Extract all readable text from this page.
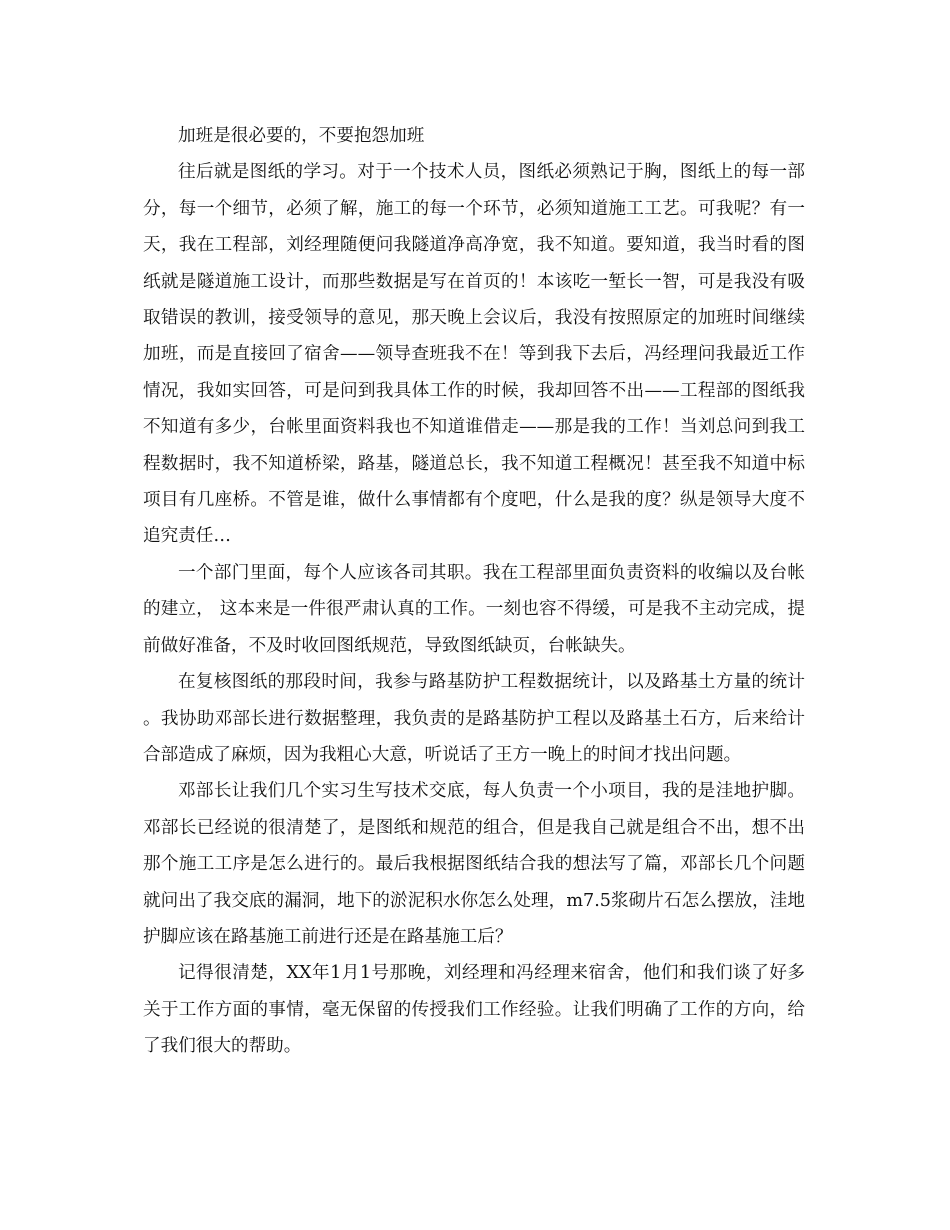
加班是很必要的，不要抱怨加班

往后就是图纸的学习。对于一个技术人员，图纸必须熟记于胸，图纸上的每一部分，每一个细节，必须了解，施工的每一个环节，必须知道施工工艺。可我呢？有一天，我在工程部，刘经理随便问我隧道净高净宽，我不知道。要知道，我当时看的图纸就是隧道施工设计，而那些数据是写在首页的！本该吃一堑长一智，可是我没有吸取错误的教训，接受领导的意见，那天晚上会议后，我没有按照原定的加班时间继续加班，而是直接回了宿舍——领导查班我不在！等到我下去后，冯经理问我最近工作情况，我如实回答，可是问到我具体工作的时候，我却回答不出——工程部的图纸我不知道有多少，台帐里面资料我也不知道谁借走——那是我的工作！当刘总问到我工程数据时，我不知道桥梁，路基，隧道总长，我不知道工程概况！甚至我不知道中标项目有几座桥。不管是谁，做什么事情都有个度吧，什么是我的度？纵是领导大度不追究责任…

一个部门里面，每个人应该各司其职。我在工程部里面负责资料的收编以及台帐的建立， 这本来是一件很严肃认真的工作。一刻也容不得缓，可是我不主动完成，提前做好准备，不及时收回图纸规范，导致图纸缺页，台帐缺失。

在复核图纸的那段时间，我参与路基防护工程数据统计，以及路基土方量的统计。我协助邓部长进行数据整理，我负责的是路基防护工程以及路基土石方，后来给计合部造成了麻烦，因为我粗心大意，听说话了王方一晚上的时间才找出问题。

邓部长让我们几个实习生写技术交底，每人负责一个小项目，我的是洼地护脚。邓部长已经说的很清楚了，是图纸和规范的组合，但是我自己就是组合不出，想不出那个施工工序是怎么进行的。最后我根据图纸结合我的想法写了篇，邓部长几个问题就问出了我交底的漏洞，地下的淤泥积水你怎么处理，m7.5浆砌片石怎么摆放，洼地护脚应该在路基施工前进行还是在路基施工后？

记得很清楚，XX年1月1号那晚，刘经理和冯经理来宿舍，他们和我们谈了好多关于工作方面的事情，毫无保留的传授我们工作经验。让我们明确了工作的方向，给了我们很大的帮助。
